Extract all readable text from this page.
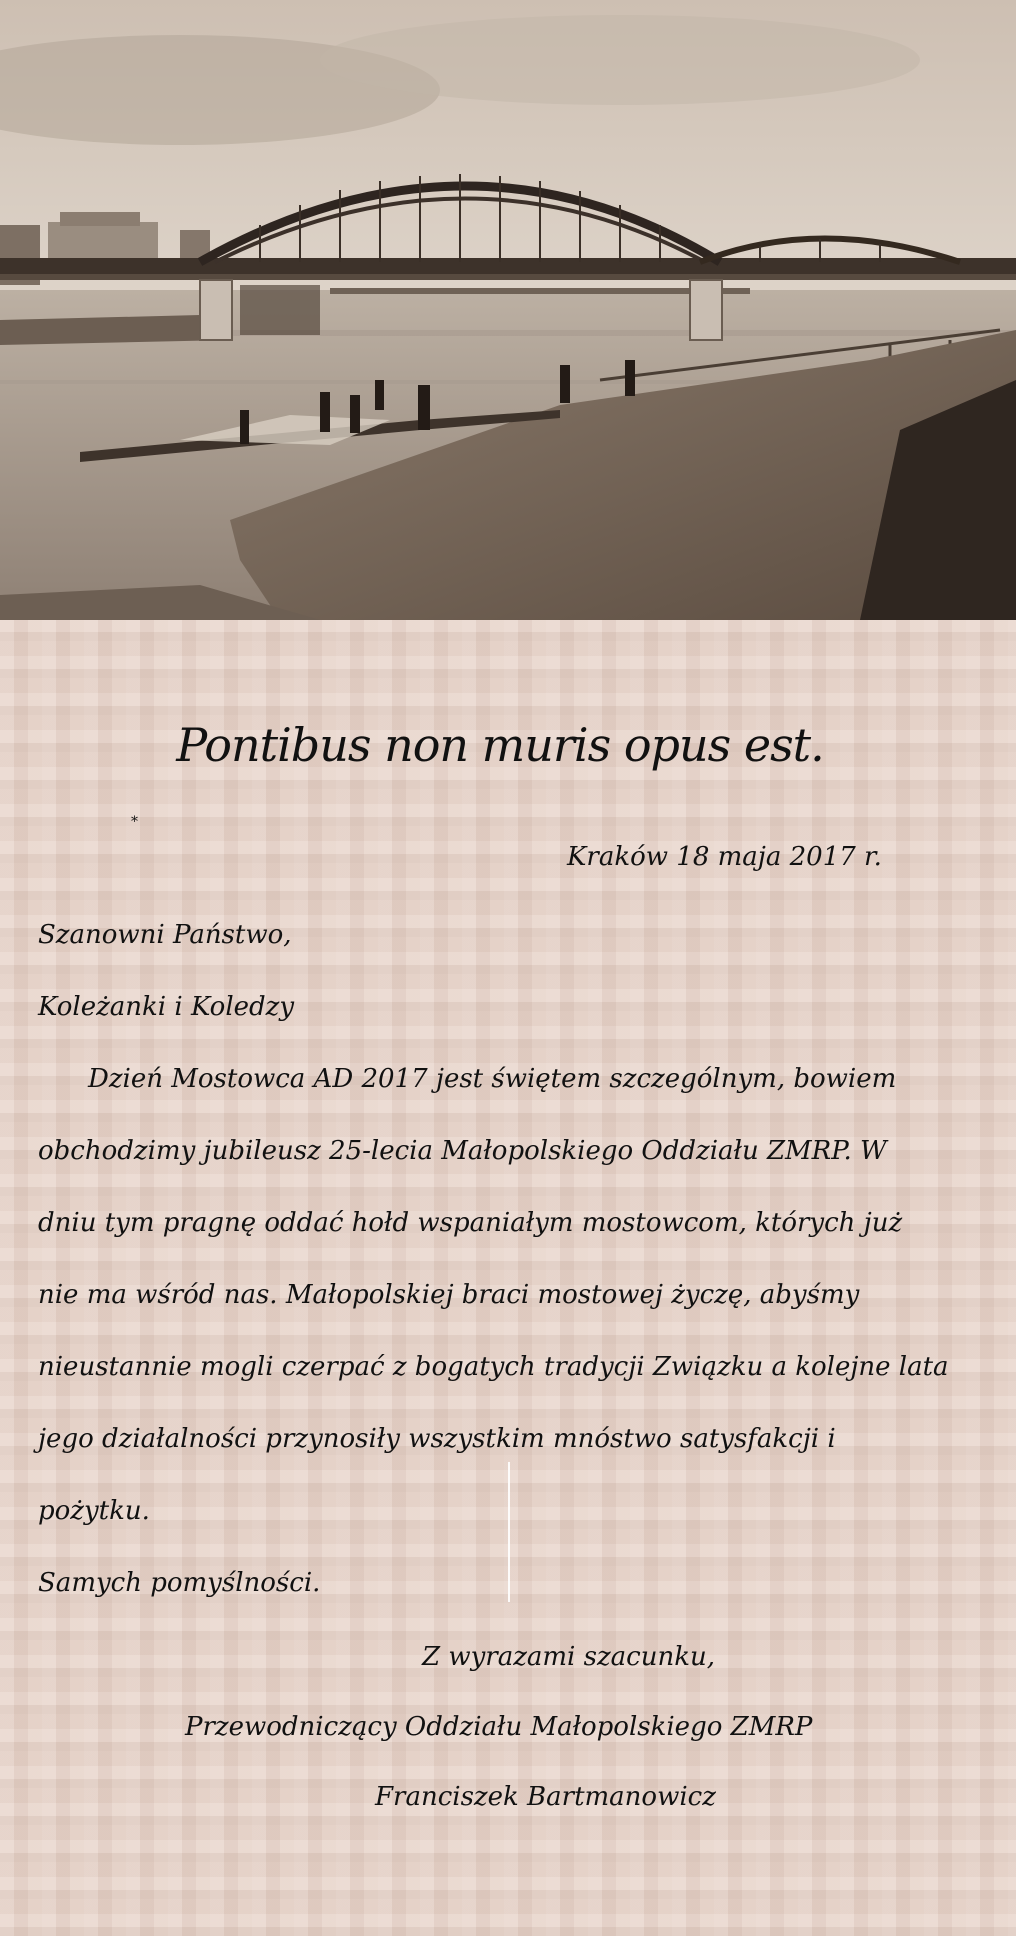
Pontibus non muris opus est.
*
Kraków 18 maja 2017 r.
Szanowni Państwo,
Koleżanki i Koledzy
Dzień Mostowca AD 2017 jest świętem szczególnym, bowiem
obchodzimy jubileusz 25-lecia Małopolskiego Oddziału ZMRP. W
dniu tym pragnę oddać hołd wspaniałym mostowcom, których już
nie ma wśród nas. Małopolskiej braci mostowej życzę, abyśmy
nieustannie mogli czerpać z bogatych tradycji Związku a kolejne lata
jego działalności przynosiły wszystkim mnóstwo satysfakcji i
pożytku.
Samych pomyślności.
Z wyrazami szacunku,
Przewodniczący Oddziału Małopolskiego ZMRP
Franciszek Bartmanowicz
